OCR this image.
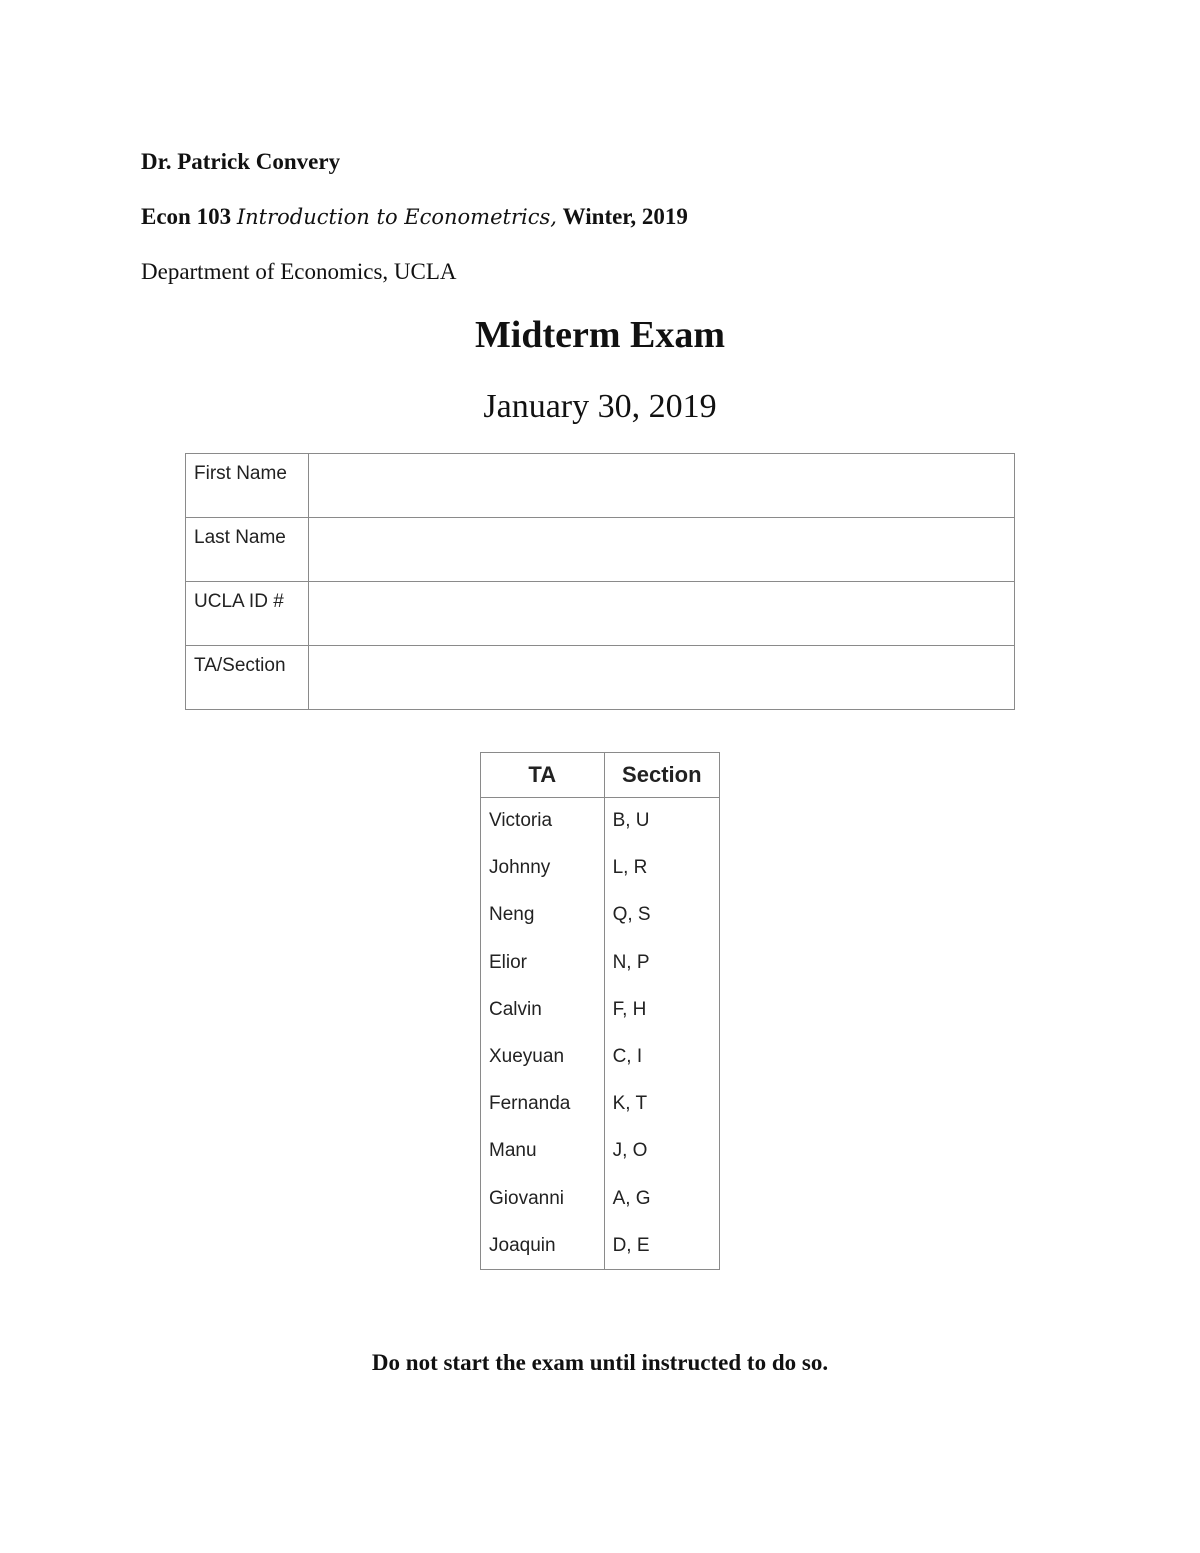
Dr. Patrick Convery
Econ 103 Introduction to Econometrics, Winter, 2019
Department of Economics, UCLA
Midterm Exam
January 30, 2019
First Name	
Last Name	
UCLA ID #	
TA/Section	
TA	Section
Victoria	B, U
Johnny	L, R
Neng	Q, S
Elior	N, P
Calvin	F, H
Xueyuan	C, I
Fernanda	K, T
Manu	J, O
Giovanni	A, G
Joaquin	D, E
Do not start the exam until instructed to do so.
